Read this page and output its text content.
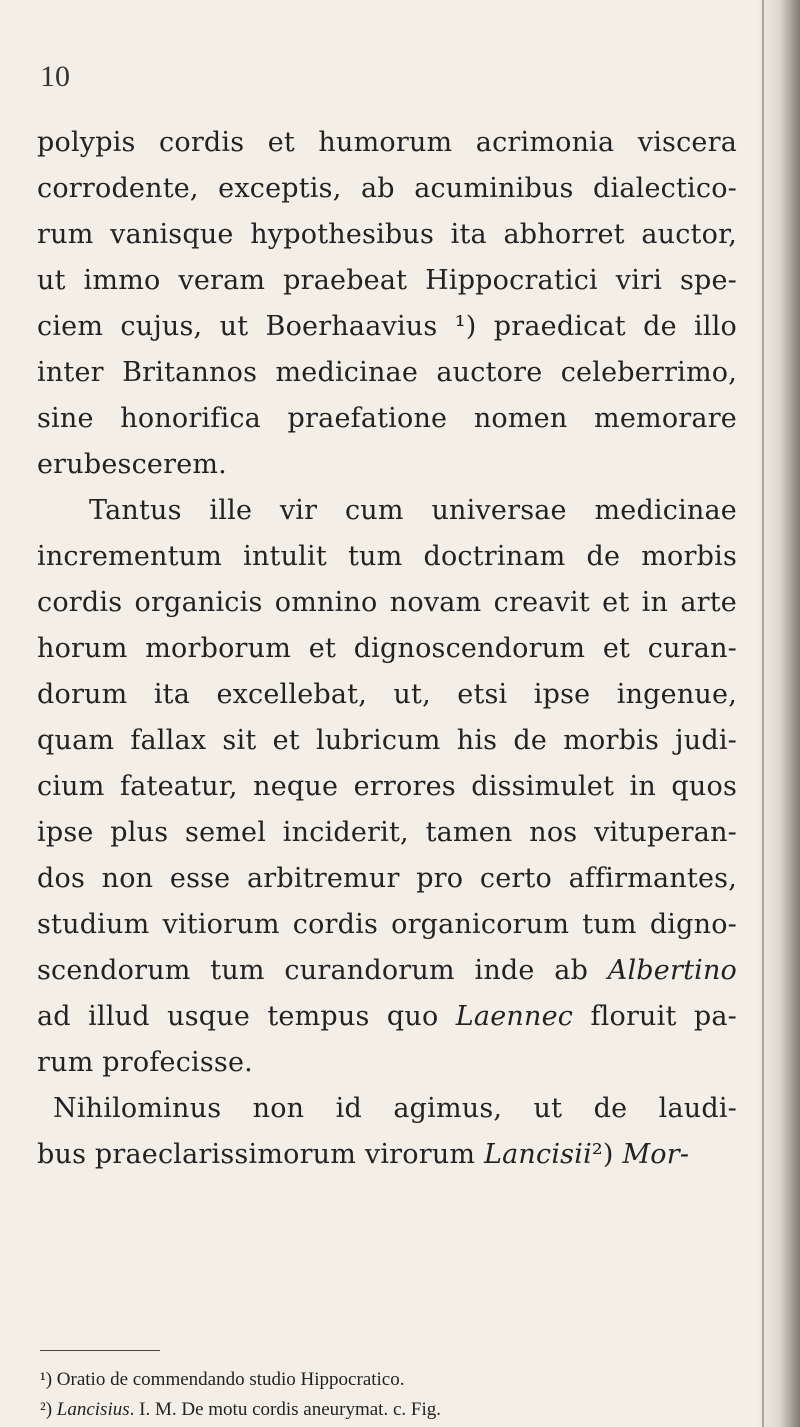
10
polypis cordis et humorum acrimonia viscera
corrodente, exceptis, ab acuminibus dialectico-
rum vanisque hypothesibus ita abhorret auctor,
ut immo veram praebeat Hippocratici viri spe-
ciem cujus, ut Boerhaavius ¹) praedicat de illo
inter Britannos medicinae auctore celeberrimo,
sine honorifica praefatione nomen memorare
erubescerem.
Tantus ille vir cum universae medicinae
incrementum intulit tum doctrinam de morbis
cordis organicis omnino novam creavit et in arte
horum morborum et dignoscendorum et curan-
dorum ita excellebat, ut, etsi ipse ingenue,
quam fallax sit et lubricum his de morbis judi-
cium fateatur, neque errores dissimulet in quos
ipse plus semel inciderit, tamen nos vituperan-
dos non esse arbitremur pro certo affirmantes,
studium vitiorum cordis organicorum tum digno-
scendorum tum curandorum inde ab Albertino
ad illud usque tempus quo Laennec floruit pa-
rum profecisse.
Nihilominus non id agimus, ut de laudi-
bus praeclarissimorum virorum Lancisii²) Mor-
¹) Oratio de commendando studio Hippocratico.
²) Lancisius. I. M. De motu cordis aneurymat. c. Fig.
